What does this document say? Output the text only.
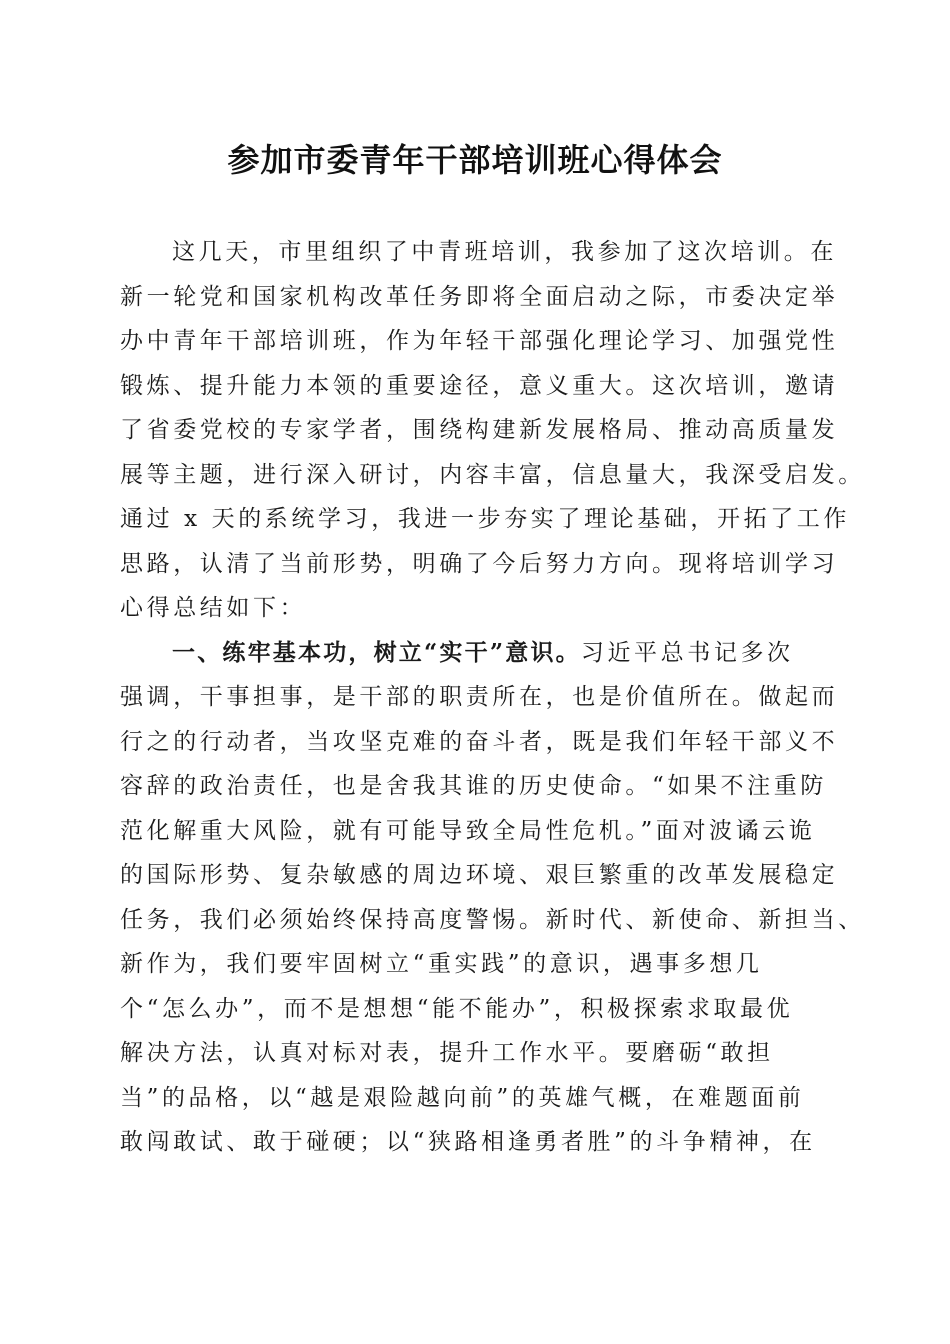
参加市委青年干部培训班心得体会
这几天，市里组织了中青班培训，我参加了这次培训。在
新一轮党和国家机构改革任务即将全面启动之际，市委决定举
办中青年干部培训班，作为年轻干部强化理论学习、加强党性
锻炼、提升能力本领的重要途径，意义重大。这次培训，邀请
了省委党校的专家学者，围绕构建新发展格局、推动高质量发
展等主题，进行深入研讨，内容丰富，信息量大，我深受启发。
通过 x 天的系统学习，我进一步夯实了理论基础，开拓了工作
思路，认清了当前形势，明确了今后努力方向。现将培训学习
心得总结如下：
一、练牢基本功，树立“实干”意识。习近平总书记多次
强调，干事担事，是干部的职责所在，也是价值所在。做起而
行之的行动者，当攻坚克难的奋斗者，既是我们年轻干部义不
容辞的政治责任，也是舍我其谁的历史使命。“如果不注重防
范化解重大风险，就有可能导致全局性危机。”面对波谲云诡
的国际形势、复杂敏感的周边环境、艰巨繁重的改革发展稳定
任务，我们必须始终保持高度警惕。新时代、新使命、新担当、
新作为，我们要牢固树立“重实践”的意识，遇事多想几
个“怎么办”，而不是想想“能不能办”，积极探索求取最优
解决方法，认真对标对表，提升工作水平。要磨砺“敢担
当”的品格，以“越是艰险越向前”的英雄气概，在难题面前
敢闯敢试、敢于碰硬；以“狭路相逢勇者胜”的斗争精神，在
